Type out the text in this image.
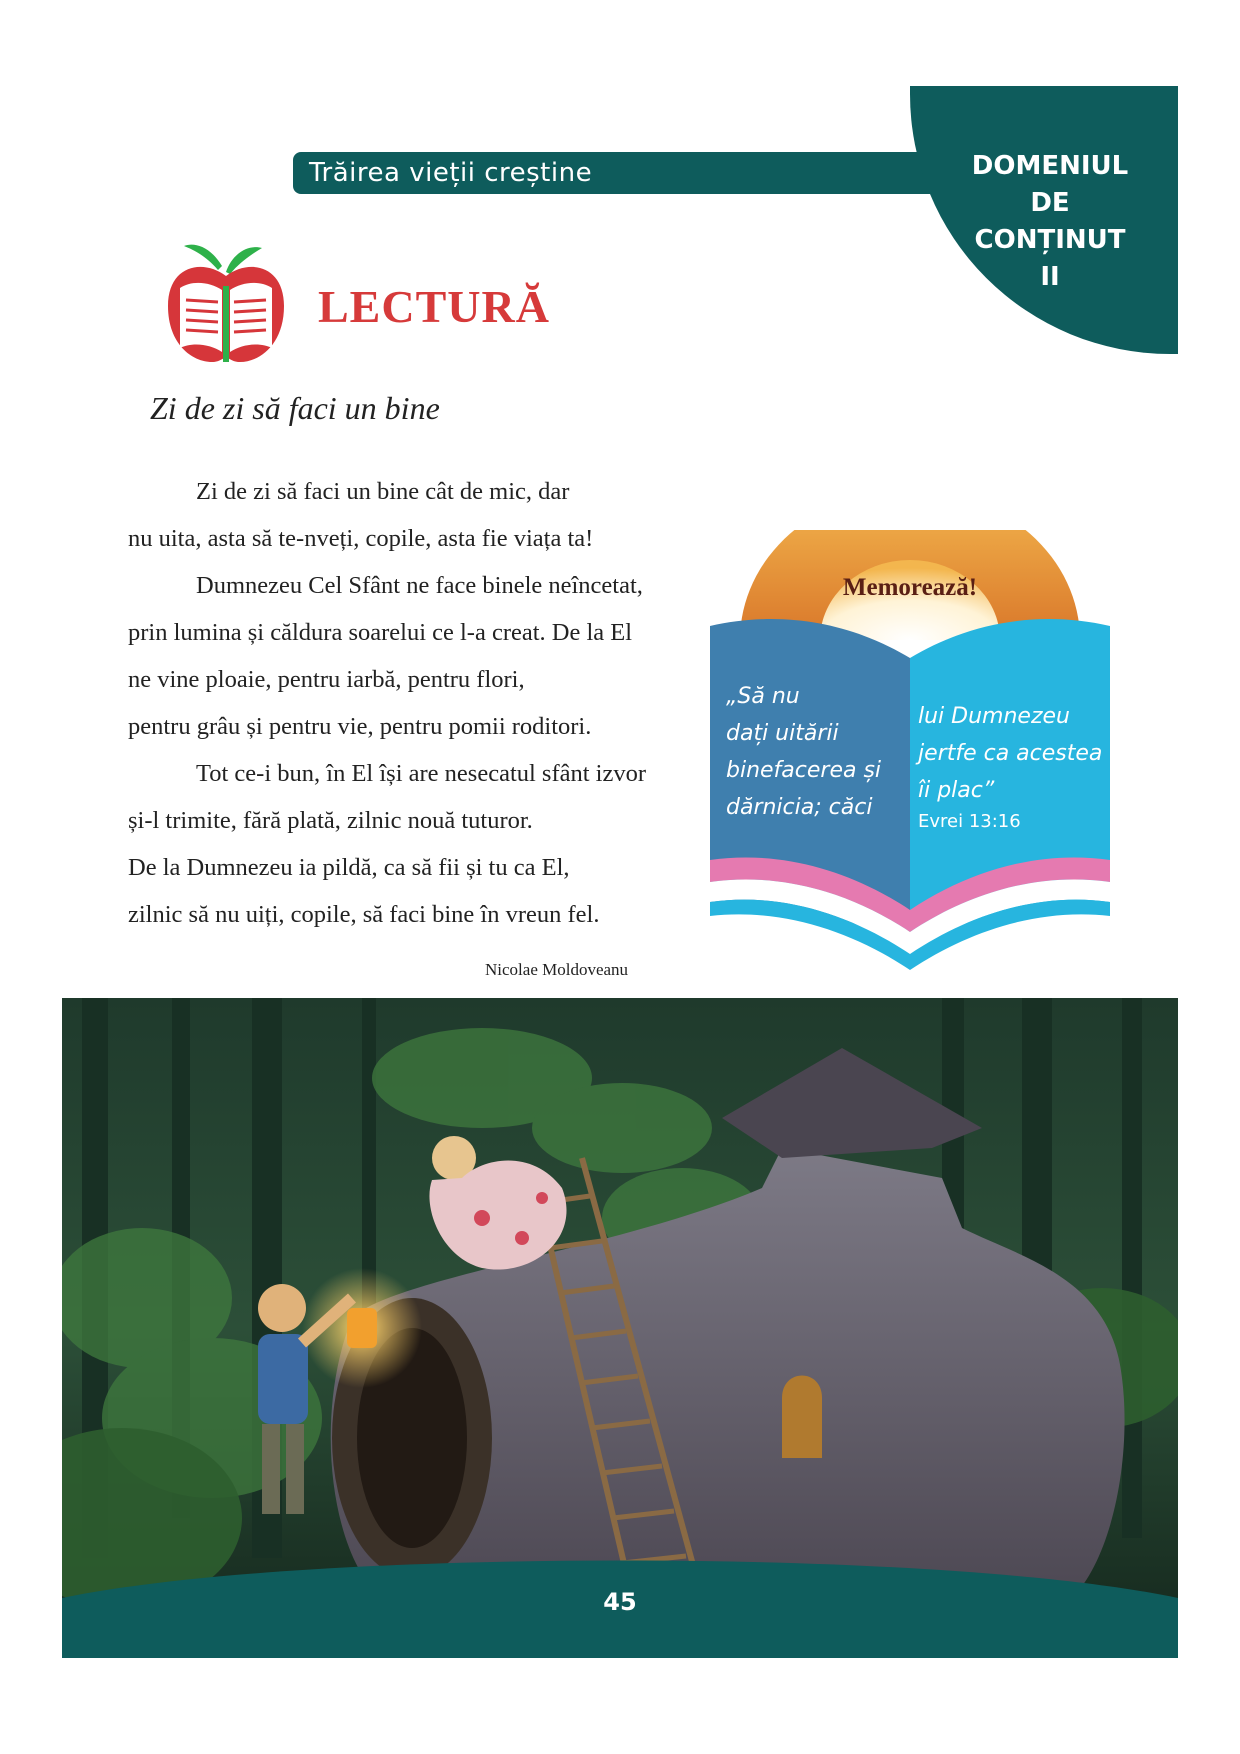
Trăirea vieții creștine	DOMENIUL
DE
CONȚINUT
II
LECTURĂ
Zi de zi să faci un bine
Zi de zi să faci un bine cât de mic, dar
nu uita, asta să te-nveți, copile, asta fie viața ta!
Dumnezeu Cel Sfânt ne face binele neîncetat,
prin lumina și căldura soarelui ce l-a creat. De la El
ne vine ploaie, pentru iarbă, pentru flori,
pentru grâu și pentru vie, pentru pomii roditori.
Tot ce-i bun, în El își are nesecatul sfânt izvor
și-l trimite, fără plată, zilnic nouă tuturor.
De la Dumnezeu ia pildă, ca să fii și tu ca El,
zilnic să nu uiți, copile, să faci bine în vreun fel.
Nicolae Moldoveanu
Memorează!
„Să nu
dați uitării
binefacerea și
dărnicia; căci
lui Dumnezeu
jertfe ca acestea
îi plac”
Evrei 13:16
45
